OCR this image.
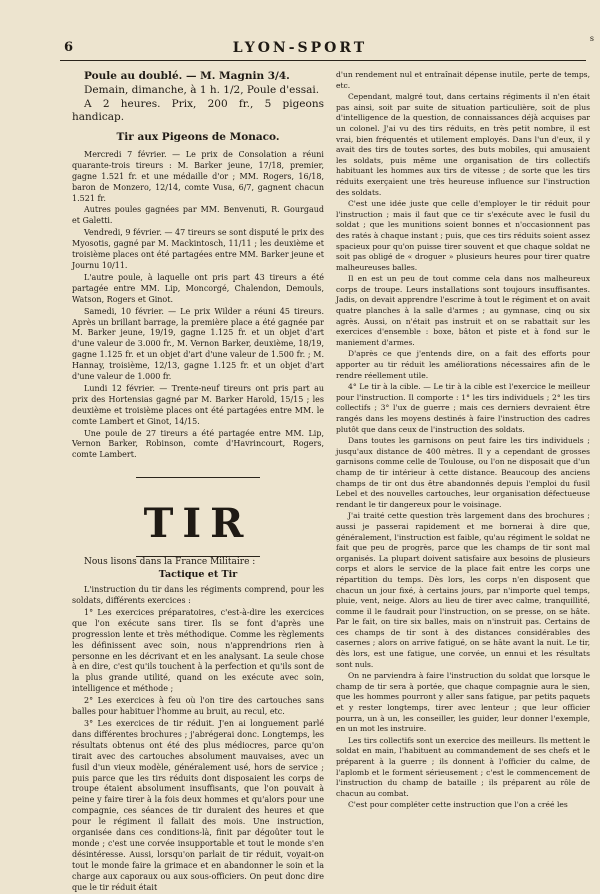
6	LYON-SPORT
s

Poule au doublé. — M. Magnin 3/4.

Demain, dimanche, à 1 h. 1/2, Poule d'essai.

A 2 heures. Prix, 200 fr., 5 pigeons handicap.

Tir aux Pigeons de Monaco.

Mercredi 7 février. — Le prix de Consolation a réuni quarante-trois tireurs : M. Barker jeune, 17/18, premier, gagne 1.521 fr. et une médaille d'or ; MM. Rogers, 16/18, baron de Monzero, 12/14, comte Vusa, 6/7, gagnent chacun 1.521 fr.

Autres poules gagnées par MM. Benvenuti, R. Gourgaud et Galetti.

Vendredi, 9 février. — 47 tireurs se sont disputé le prix des Myosotis, gagné par M. Mackintosch, 11/11 ; les deuxième et troisième places ont été partagées entre MM. Barker jeune et Journu 10/11.

L'autre poule, à laquelle ont pris part 43 tireurs a été partagée entre MM. Lip, Moncorgé, Chalendon, Demouls, Watson, Rogers et Ginot.

Samedi, 10 février. — Le prix Wilder a réuni 45 tireurs. Après un brillant barrage, la première place a été gagnée par M. Barker jeune, 19/19, gagne 1.125 fr. et un objet d'art d'une valeur de 3.000 fr., M. Vernon Barker, deuxième, 18/19, gagne 1.125 fr. et un objet d'art d'une valeur de 1.500 fr. ; M. Hannay, troisième, 12/13, gagne 1.125 fr. et un objet d'art d'une valeur de 1.000 fr.

Lundi 12 février. — Trente-neuf tireurs ont pris part au prix des Hortensias gagné par M. Barker Harold, 15/15 ; les deuxième et troisième places ont été partagées entre MM. le comte Lambert et Ginot, 14/15.

Une poule de 27 tireurs a été partagée entre MM. Lip, Vernon Barker, Robinson, comte d'Havrincourt, Rogers, comte Lambert.

TIR

Nous lisons dans la France Militaire :

Tactique et Tir

L'instruction du tir dans les régiments comprend, pour les soldats, différents exercices :

1° Les exercices préparatoires, c'est-à-dire les exercices que l'on exécute sans tirer. Ils se font d'après une progression lente et très méthodique. Comme les règlements les définissent avec soin, nous n'apprendrions rien à personne en les décrivant et en les analysant. La seule chose à en dire, c'est qu'ils touchent à la perfection et qu'ils sont de la plus grande utilité, quand on les exécute avec soin, intelligence et méthode ;

2° Les exercices à feu où l'on tire des cartouches sans balles pour habituer l'homme au bruit, au recul, etc.

3° Les exercices de tir réduit. J'en ai longuement parlé dans différentes brochures ; j'abrégerai donc. Longtemps, les résultats obtenus ont été des plus médiocres, parce qu'on tirait avec des cartouches absolument mauvaises, avec un fusil d'un vieux modèle, généralement usé, hors de service ; puis parce que les tirs réduits dont disposaient les corps de troupe étaient absolument insuffisants, que l'on pouvait à peine y faire tirer à la fois deux hommes et qu'alors pour une compagnie, ces séances de tir duraient des heures et que pour le régiment il fallait des mois. Une instruction, organisée dans ces conditions-là, finit par dégoûter tout le monde ; c'est une corvée insupportable et tout le monde s'en désintéresse. Aussi, lorsqu'on parlait de tir réduit, voyait-on tout le monde faire la grimace et en abandonner le soin et la charge aux caporaux ou aux sous-officiers. On peut donc dire que le tir réduit était

d'un rendement nul et entraînait dépense inutile, perte de temps, etc.

Cependant, malgré tout, dans certains régiments il n'en était pas ainsi, soit par suite de situation particulière, soit de plus d'intelligence de la question, de connaissances déjà acquises par un colonel. J'ai vu des tirs réduits, en très petit nombre, il est vrai, bien fréquentés et utilement employés. Dans l'un d'eux, il y avait des tirs de toutes sortes, des buts mobiles, qui amusaient les soldats, puis même une organisation de tirs collectifs habituant les hommes aux tirs de vitesse ; de sorte que les tirs réduits exerçaient une très heureuse influence sur l'instruction des soldats.

C'est une idée juste que celle d'employer le tir réduit pour l'instruction ; mais il faut que ce tir s'exécute avec le fusil du soldat ; que les munitions soient bonnes et n'occasionnent pas des ratés à chaque instant ; puis, que ces tirs réduits soient assez spacieux pour qu'on puisse tirer souvent et que chaque soldat ne soit pas obligé de « droguer » plusieurs heures pour tirer quatre malheureuses balles.

Il en est un peu de tout comme cela dans nos malheureux corps de troupe. Leurs installations sont toujours insuffisantes. Jadis, on devait apprendre l'escrime à tout le régiment et on avait quatre planches à la salle d'armes ; au gymnase, cinq ou six agrès. Aussi, on n'était pas instruit et on se rabattait sur les exercices d'ensemble : boxe, bâton et piste et à fond sur le maniement d'armes.

D'après ce que j'entends dire, on a fait des efforts pour apporter au tir réduit les améliorations nécessaires afin de le rendre réellement utile.

4° Le tir à la cible. — Le tir à la cible est l'exercice le meilleur pour l'instruction. Il comporte : 1° les tirs individuels ; 2° les tirs collectifs ; 3° l'ux de guerre ; mais ces derniers devraient être rangés dans les moyens destinés à faire l'instruction des cadres plutôt que dans ceux de l'instruction des soldats.

Dans toutes les garnisons on peut faire les tirs individuels ; jusqu'aux distance de 400 mètres. Il y a cependant de grosses garnisons comme celle de Toulouse, ou l'on ne disposait que d'un champ de tir intérieur à cette distance. Beaucoup des anciens champs de tir ont dus être abandonnés depuis l'emploi du fusil Lebel et des nouvelles cartouches, leur organisation défectueuse rendant le tir dangereux pour le voisinage.

J'ai traité cette question très largement dans des brochures ; aussi je passerai rapidement et me bornerai à dire que, généralement, l'instruction est faible, qu'au régiment le soldat ne fait que peu de progrès, parce que les champs de tir sont mal organisés. La plupart doivent satisfaire aux besoins de plusieurs corps et alors le service de la place fait entre les corps une répartition du temps. Dès lors, les corps n'en disposent que chacun un jour fixé, à certains jours, par n'importe quel temps, pluie, vent, neige. Alors au lieu de tirer avec calme, tranquillité, comme il le faudrait pour l'instruction, on se presse, on se hâte. Par le fait, on tire six balles, mais on n'instruit pas. Certains de ces champs de tir sont à des distances considérables des casernes ; alors on arrive fatigué, on se hâte avant la nuit. Le tir, dès lors, est une fatigue, une corvée, un ennui et les résultats sont nuls.

On ne parviendra à faire l'instruction du soldat que lorsque le champ de tir sera à portée, que chaque compagnie aura le sien, que les hommes pourront y aller sans fatigue, par petits paquets et y rester longtemps, tirer avec lenteur ; que leur officier pourra, un à un, les conseiller, les guider, leur donner l'exemple, en un mot les instruire.

Les tirs collectifs sont un exercice des meilleurs. Ils mettent le soldat en main, l'habituent au commandement de ses chefs et le préparent à la guerre ; ils donnent à l'officier du calme, de l'aplomb et le forment sérieusement ; c'est le commencement de l'instruction du champ de bataille ; ils préparent au rôle de chacun au combat.

C'est pour compléter cette instruction que l'on a créé les
